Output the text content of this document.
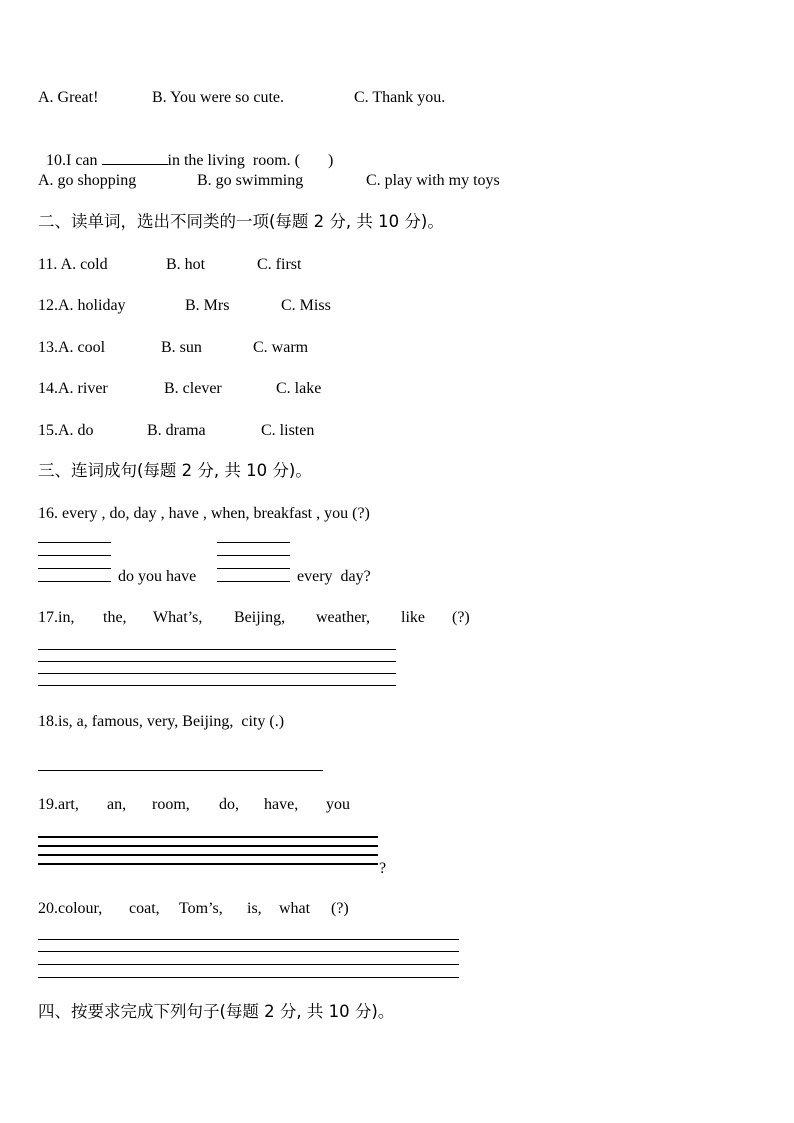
A. Great!	B. You were so cute.	C. Thank you.

10.I can	in the living  room. ( )

A. go shopping	B. go swimming	C. play with my toys
二、读单词，选出不同类的一项(每题 2 分, 共 10 分)。
11. A. cold	B. hot	C. first
12.A. holiday	B. Mrs	C. Miss
13.A. cool	B. sun	C. warm
14.A. river	B. clever	C. lake
15.A. do	B. drama	C. listen
三、连词成句(每题 2 分, 共 10 分)。
16. every , do, day , have , when, breakfast , you (?)
do you have	every  day?
17.in, the, What’s, Beijing, weather, like (?)
18.is, a, famous, very, Beijing,  city (.)
19.art, an, room, do, have, you
?
20.colour, coat, Tom’s, is, what (?)
四、按要求完成下列句子(每题 2 分, 共 10 分)。
